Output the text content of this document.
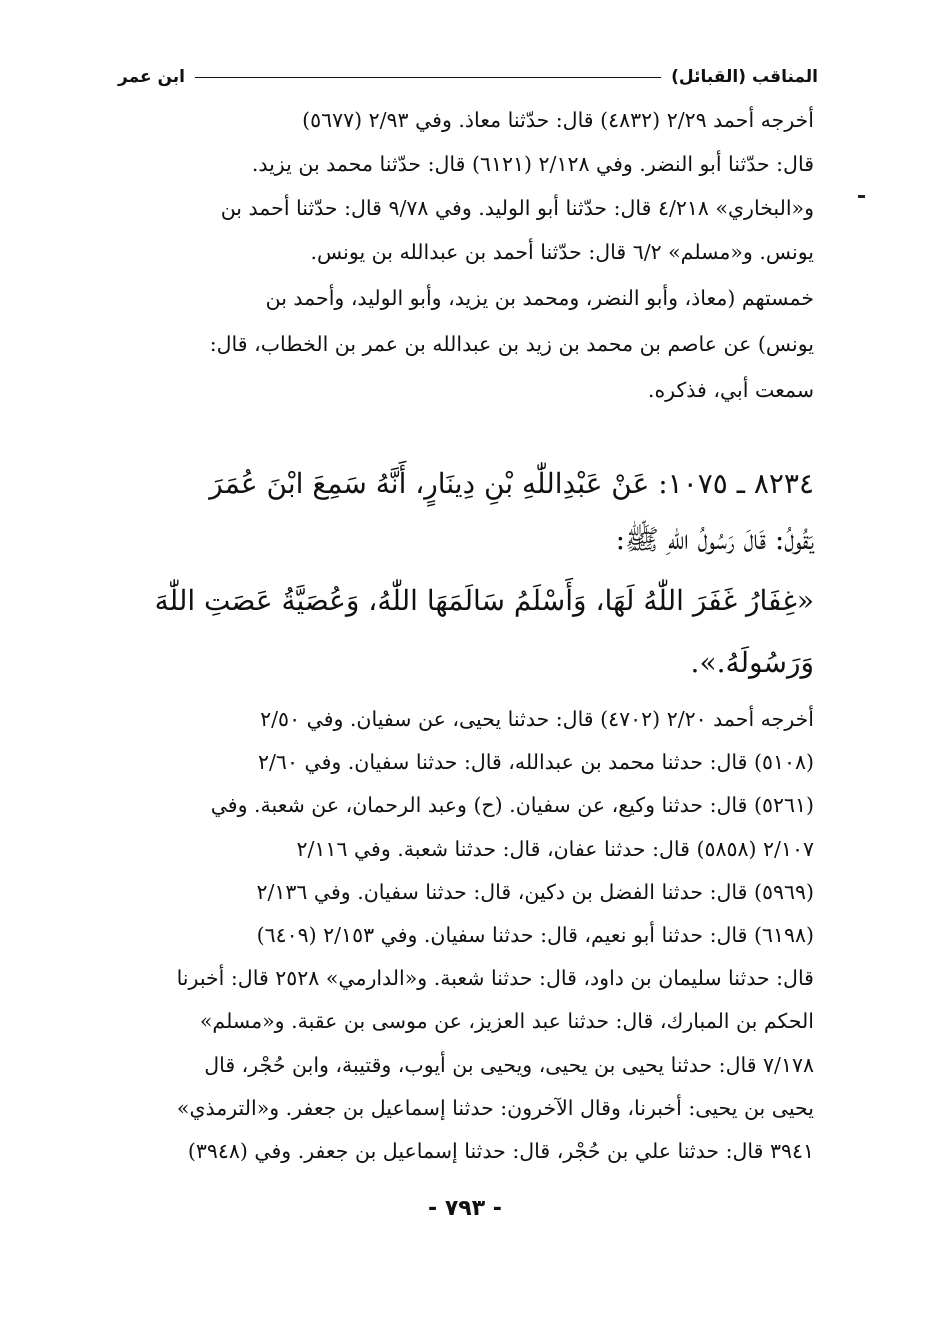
المناقب (القبائل)
ابن عمر
أخرجه أحمد ٢/٢٩ (٤٨٣٢) قال: حدّثنا معاذ. وفي ٢/٩٣ (٥٦٧٧)
قال: حدّثنا أبو النضر. وفي ٢/١٢٨ (٦١٢١) قال: حدّثنا محمد بن يزيد.
و«البخاري» ٤/٢١٨ قال: حدّثنا أبو الوليد. وفي ٩/٧٨ قال: حدّثنا أحمد بن
يونس. و«مسلم» ٦/٢ قال: حدّثنا أحمد بن عبدالله بن يونس.
خمستهم (معاذ، وأبو النضر، ومحمد بن يزيد، وأبو الوليد، وأحمد بن
يونس) عن عاصم بن محمد بن زيد بن عبدالله بن عمر بن الخطاب، قال:
سمعت أبي، فذكره.
٨٢٣٤ ـ ١٠٧٥: عَنْ عَبْدِاللّٰهِ بْنِ دِينَارٍ، أَنَّهُ سَمِعَ ابْنَ عُمَرَ
يَقُولُ: قَالَ رَسُولُ اللّٰهِ ﷺ:
«غِفَارُ غَفَرَ اللّٰهُ لَهَا، وَأَسْلَمُ سَالَمَهَا اللّٰهُ، وَعُصَيَّةُ عَصَتِ اللّٰهَ
وَرَسُولَهُ.».
أخرجه أحمد ٢/٢٠ (٤٧٠٢) قال: حدثنا يحيى، عن سفيان. وفي ٢/٥٠
(٥١٠٨) قال: حدثنا محمد بن عبدالله، قال: حدثنا سفيان. وفي ٢/٦٠
(٥٢٦١) قال: حدثنا وكيع، عن سفيان. (ح) وعبد الرحمان، عن شعبة. وفي
٢/١٠٧ (٥٨٥٨) قال: حدثنا عفان، قال: حدثنا شعبة. وفي ٢/١١٦
(٥٩٦٩) قال: حدثنا الفضل بن دكين، قال: حدثنا سفيان. وفي ٢/١٣٦
(٦١٩٨) قال: حدثنا أبو نعيم، قال: حدثنا سفيان. وفي ٢/١٥٣ (٦٤٠٩)
قال: حدثنا سليمان بن داود، قال: حدثنا شعبة. و«الدارمي» ٢٥٢٨ قال: أخبرنا
الحكم بن المبارك، قال: حدثنا عبد العزيز، عن موسى بن عقبة. و«مسلم»
٧/١٧٨ قال: حدثنا يحيى بن يحيى، ويحيى بن أيوب، وقتيبة، وابن حُجْر، قال
يحيى بن يحيى: أخبرنا، وقال الآخرون: حدثنا إسماعيل بن جعفر. و«الترمذي»
٣٩٤١ قال: حدثنا علي بن حُجْر، قال: حدثنا إسماعيل بن جعفر. وفي (٣٩٤٨)
- ٧٩٣ -
